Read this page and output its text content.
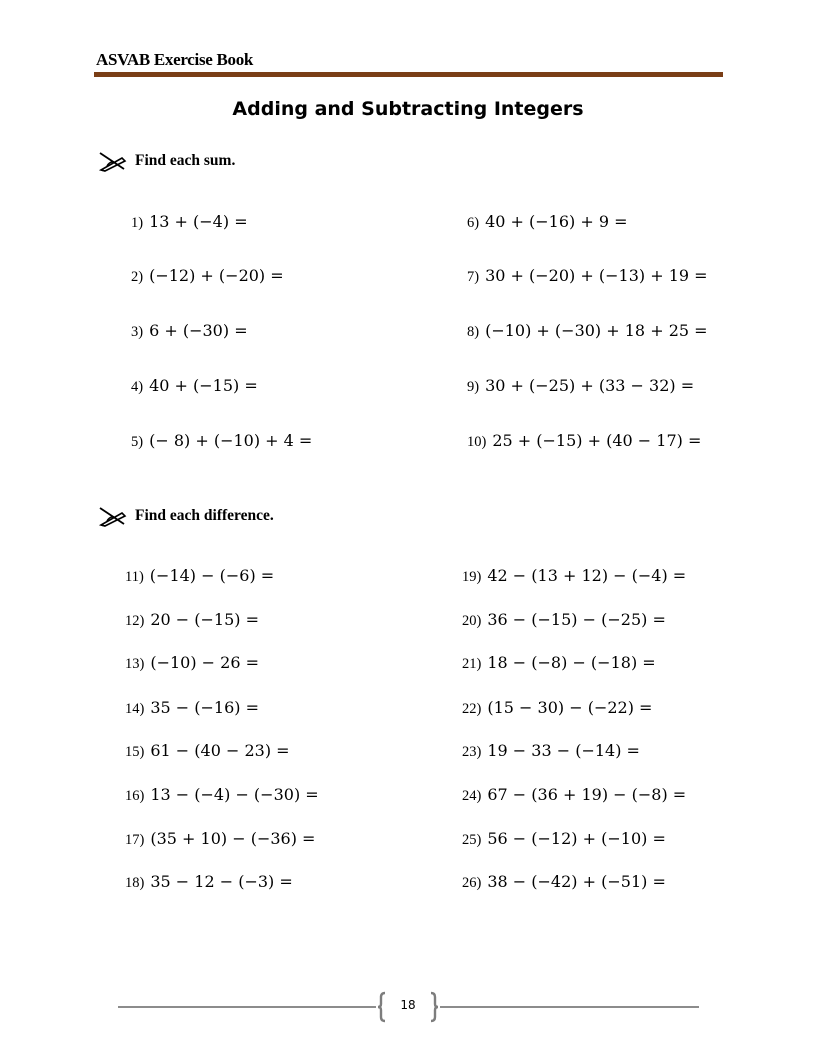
ASVAB Exercise Book
Adding and Subtracting Integers
Find each sum.
1) 13 + (−4) =
2) (−12) + (−20) =
3) 6 + (−30) =
4) 40 + (−15) =
5) (− 8) + (−10) + 4 =
6) 40 + (−16) + 9 =
7) 30 + (−20) + (−13) + 19 =
8) (−10) + (−30) + 18 + 25 =
9) 30 + (−25) + (33 − 32) =
10) 25 + (−15) + (40 − 17) =
Find each difference.
11) (−14) − (−6) =
12) 20 − (−15) =
13) (−10) − 26 =
14) 35 − (−16) =
15) 61 − (40 − 23) =
16) 13 − (−4) − (−30) =
17) (35 + 10) − (−36) =
18) 35 − 12 − (−3) =
19) 42 − (13 + 12) − (−4) =
20) 36 − (−15) − (−25) =
21) 18 − (−8) − (−18) =
22) (15 − 30) − (−22) =
23) 19 − 33 − (−14) =
24) 67 − (36 + 19) − (−8) =
25) 56 − (−12) + (−10) =
26) 38 − (−42) + (−51) =
18
